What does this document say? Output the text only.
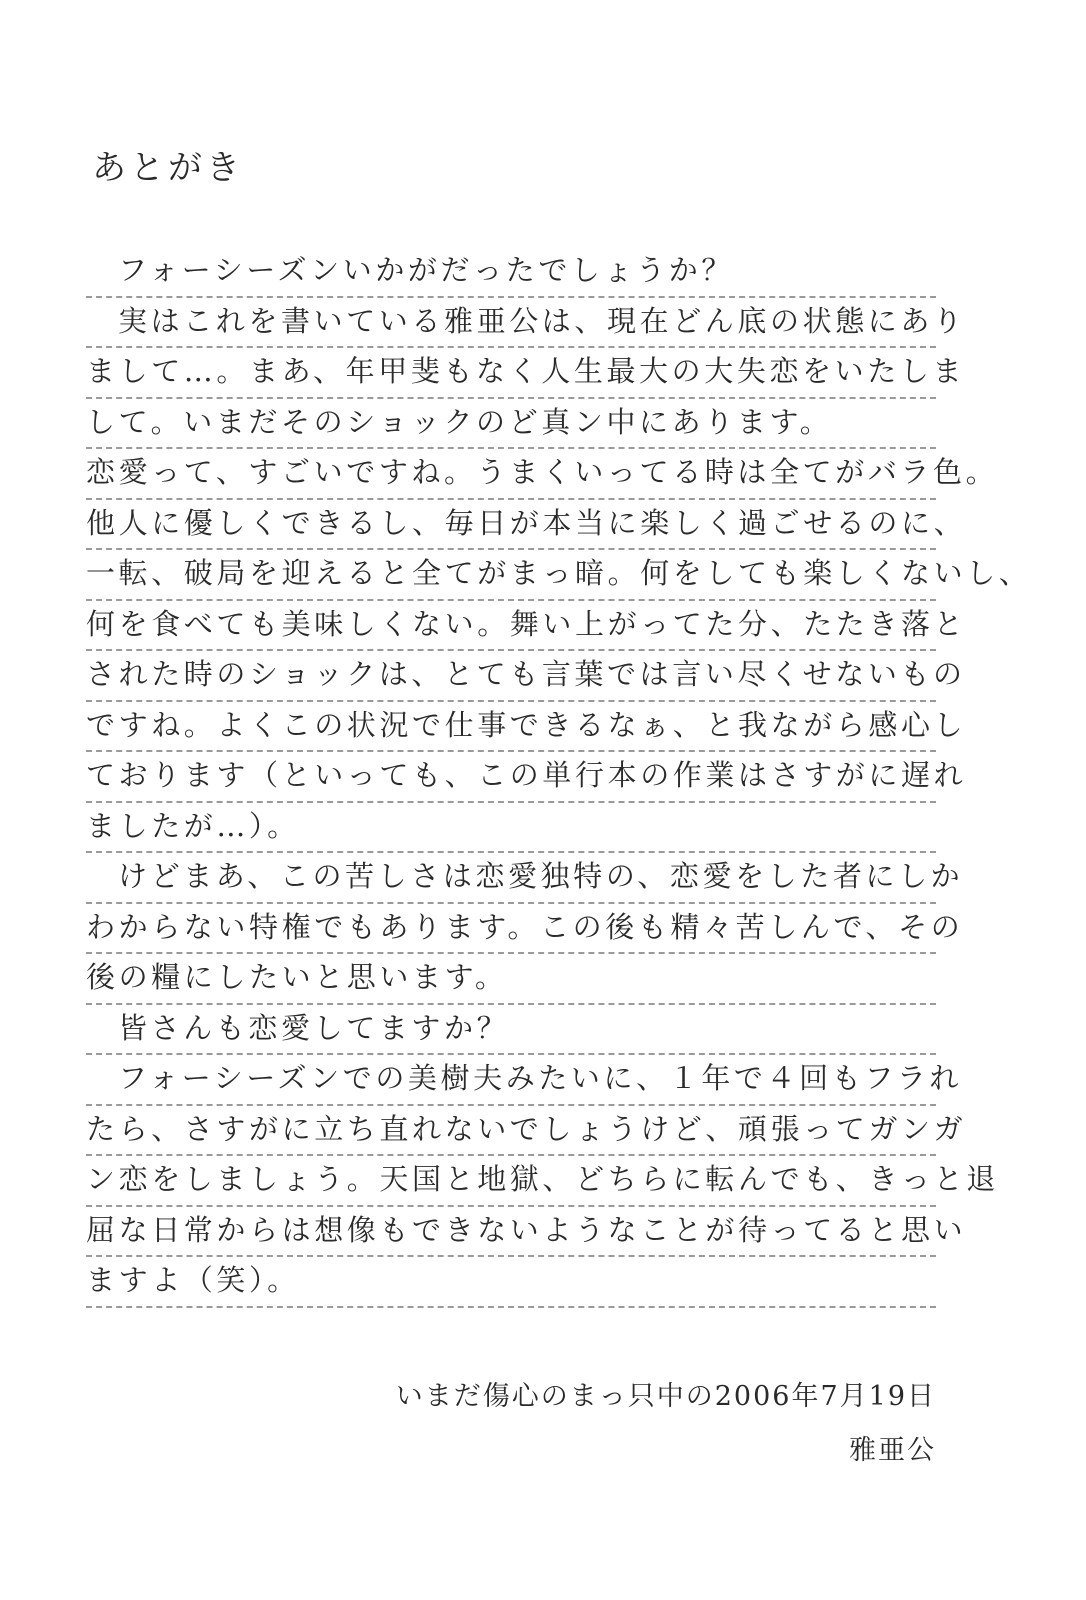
あとがき
フォーシーズンいかがだったでしょうか？
実はこれを書いている雅亜公は、現在どん底の状態にあり
まして…。まあ、年甲斐もなく人生最大の大失恋をいたしま
して。いまだそのショックのど真ン中にあります。
恋愛って、すごいですね。うまくいってる時は全てがバラ色。
他人に優しくできるし、毎日が本当に楽しく過ごせるのに、
一転、破局を迎えると全てがまっ暗。何をしても楽しくないし、
何を食べても美味しくない。舞い上がってた分、たたき落と
された時のショックは、とても言葉では言い尽くせないもの
ですね。よくこの状況で仕事できるなぁ、と我ながら感心し
ております（といっても、この単行本の作業はさすがに遅れ
ましたが…）。
けどまあ、この苦しさは恋愛独特の、恋愛をした者にしか
わからない特権でもあります。この後も精々苦しんで、その
後の糧にしたいと思います。
皆さんも恋愛してますか？
フォーシーズンでの美樹夫みたいに、１年で４回もフラれ
たら、さすがに立ち直れないでしょうけど、頑張ってガンガ
ン恋をしましょう。天国と地獄、どちらに転んでも、きっと退
屈な日常からは想像もできないようなことが待ってると思い
ますよ（笑）。
いまだ傷心のまっ只中の2006年7月19日
雅亜公
